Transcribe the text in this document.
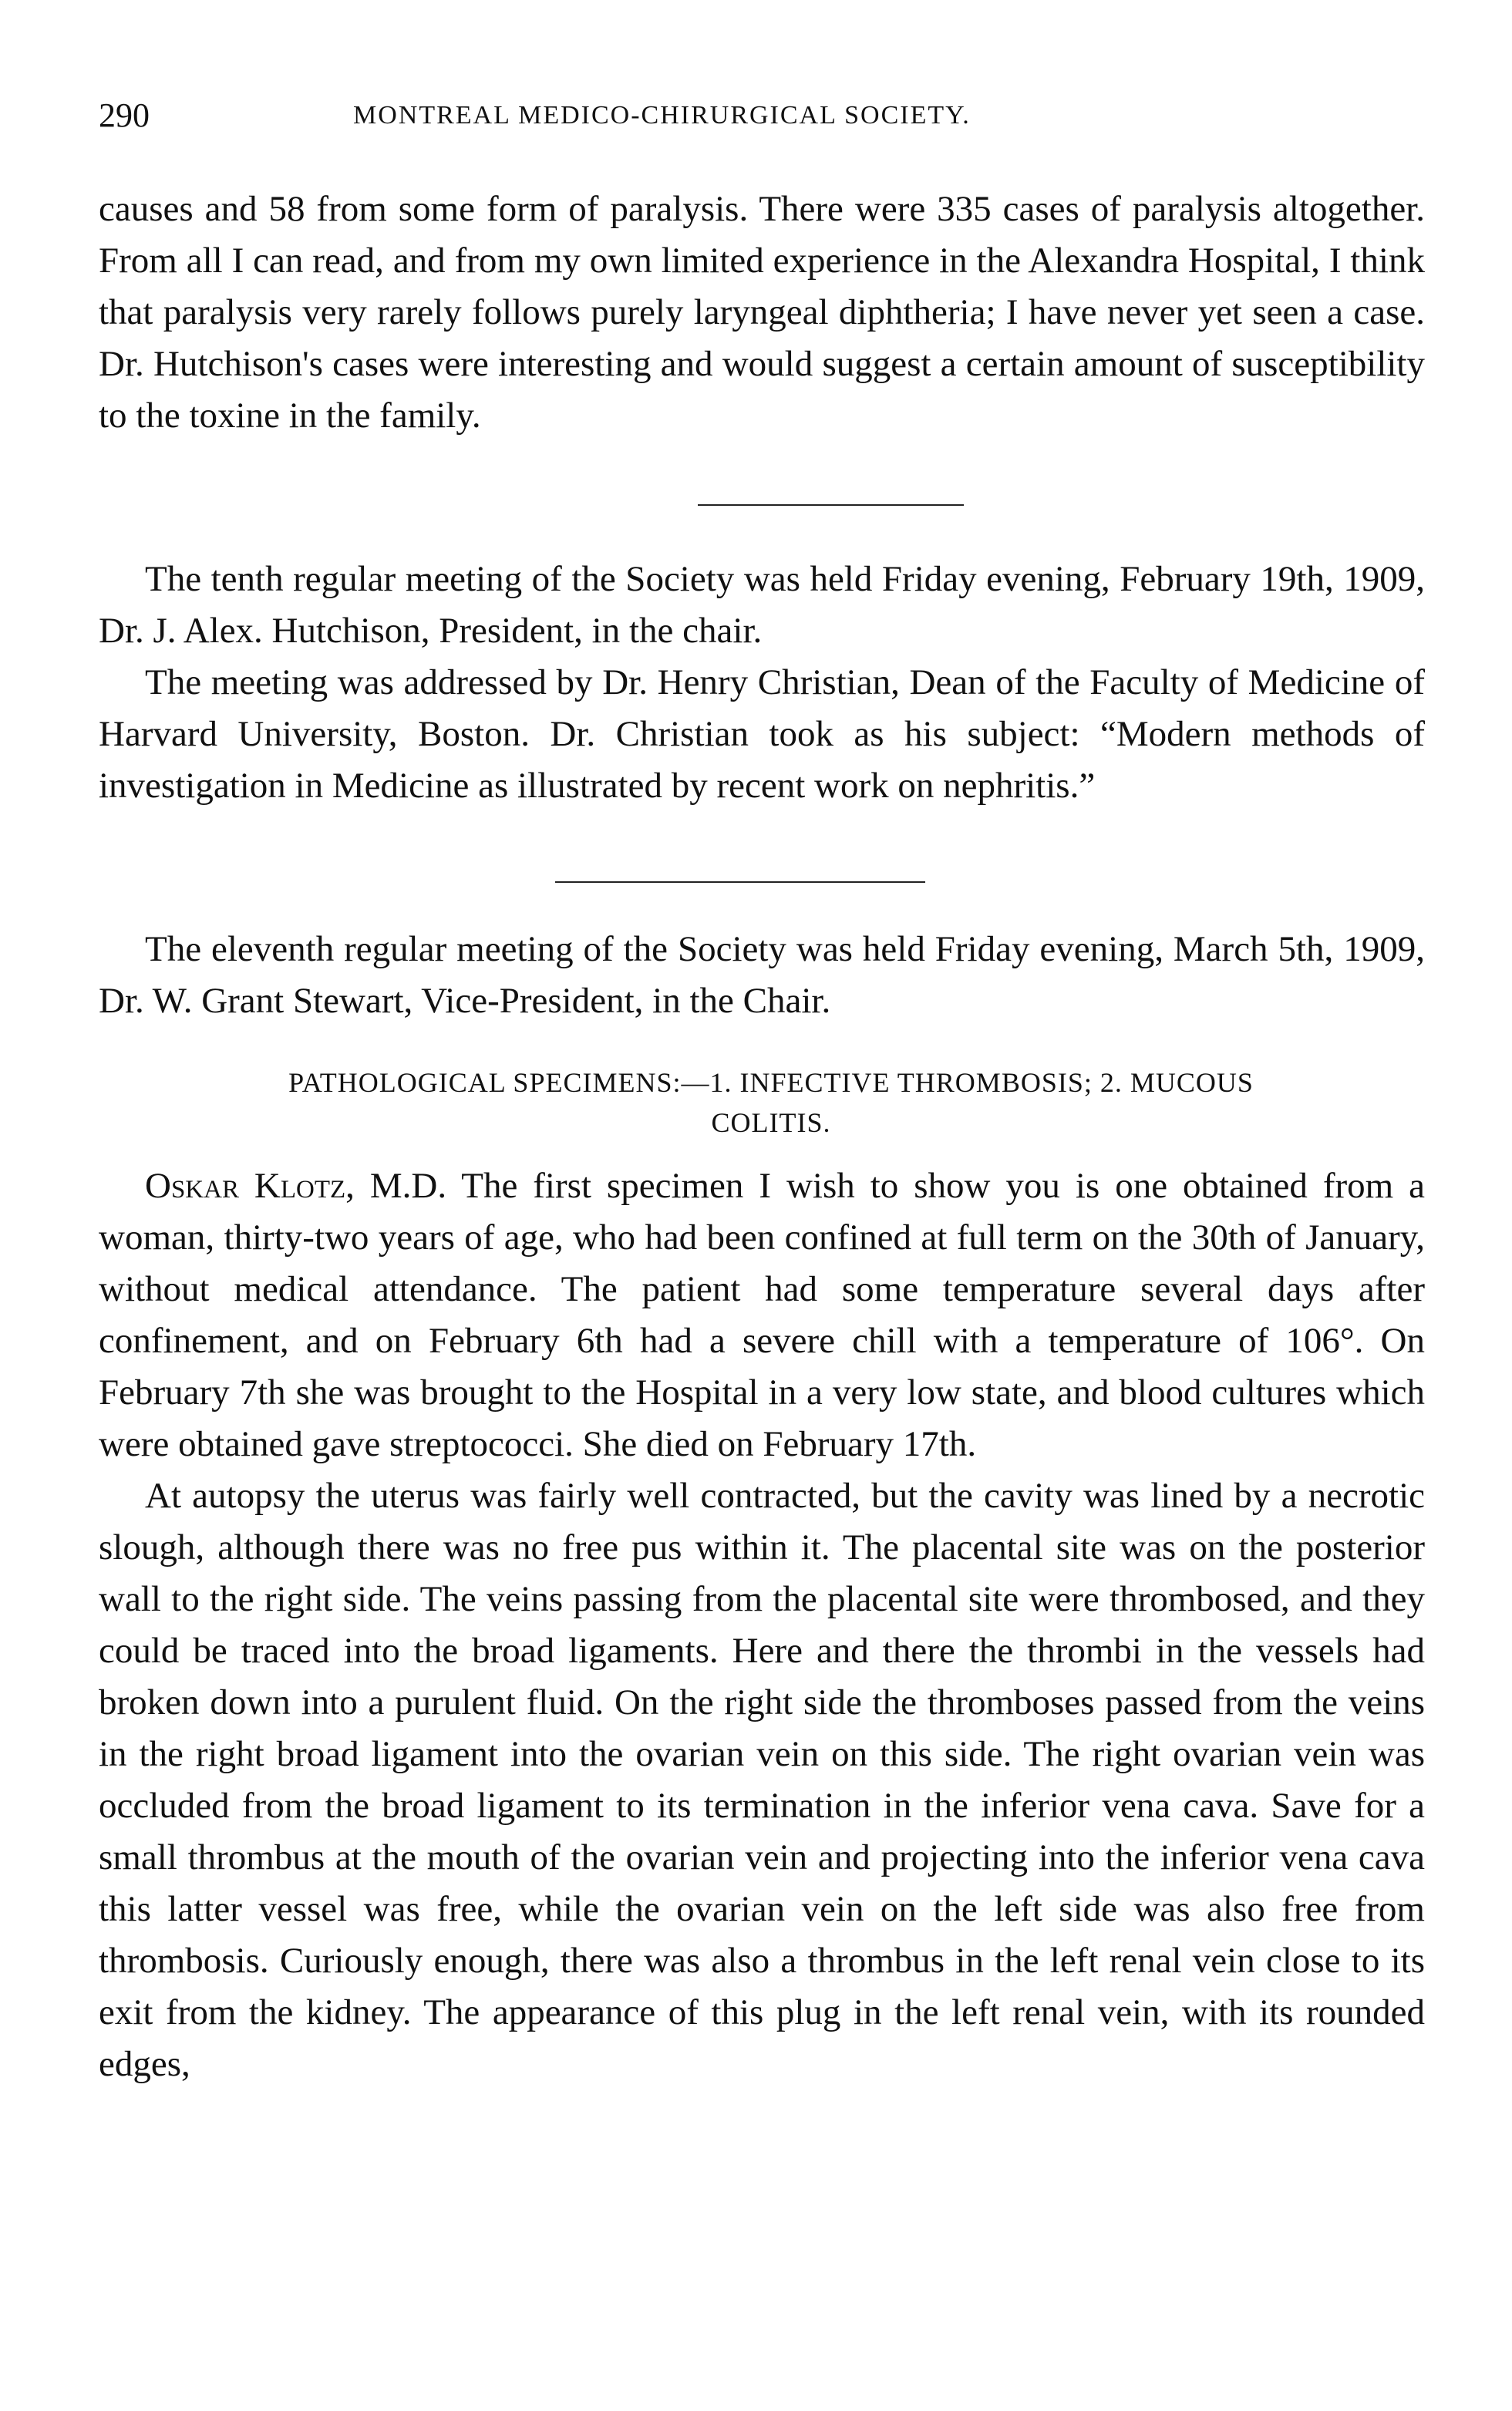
290	MONTREAL MEDICO-CHIRURGICAL SOCIETY.

causes and 58 from some form of paralysis. There were 335 cases of paralysis altogether. From all I can read, and from my own limited experience in the Alexandra Hospital, I think that paralysis very rarely follows purely laryngeal diphtheria; I have never yet seen a case. Dr. Hutchison's cases were interesting and would suggest a certain amount of susceptibility to the toxine in the family.

The tenth regular meeting of the Society was held Friday evening, February 19th, 1909, Dr. J. Alex. Hutchison, President, in the chair.

The meeting was addressed by Dr. Henry Christian, Dean of the Faculty of Medicine of Harvard University, Boston. Dr. Christian took as his subject: “Modern methods of investigation in Medicine as illustrated by recent work on nephritis.”

The eleventh regular meeting of the Society was held Friday evening, March 5th, 1909, Dr. W. Grant Stewart, Vice-President, in the Chair.

PATHOLOGICAL SPECIMENS:—1. INFECTIVE THROMBOSIS; 2. MUCOUS
COLITIS.

Oskar Klotz, M.D. The first specimen I wish to show you is one obtained from a woman, thirty-two years of age, who had been confined at full term on the 30th of January, without medical attendance. The patient had some temperature several days after confinement, and on February 6th had a severe chill with a temperature of 106°. On February 7th she was brought to the Hospital in a very low state, and blood cultures which were obtained gave streptococci. She died on February 17th.

At autopsy the uterus was fairly well contracted, but the cavity was lined by a necrotic slough, although there was no free pus within it. The placental site was on the posterior wall to the right side. The veins passing from the placental site were thrombosed, and they could be traced into the broad ligaments. Here and there the thrombi in the vessels had broken down into a purulent fluid. On the right side the thromboses passed from the veins in the right broad ligament into the ovarian vein on this side. The right ovarian vein was occluded from the broad ligament to its termination in the inferior vena cava. Save for a small thrombus at the mouth of the ovarian vein and projecting into the inferior vena cava this latter vessel was free, while the ovarian vein on the left side was also free from thrombosis. Curiously enough, there was also a thrombus in the left renal vein close to its exit from the kidney. The appearance of this plug in the left renal vein, with its rounded edges,
